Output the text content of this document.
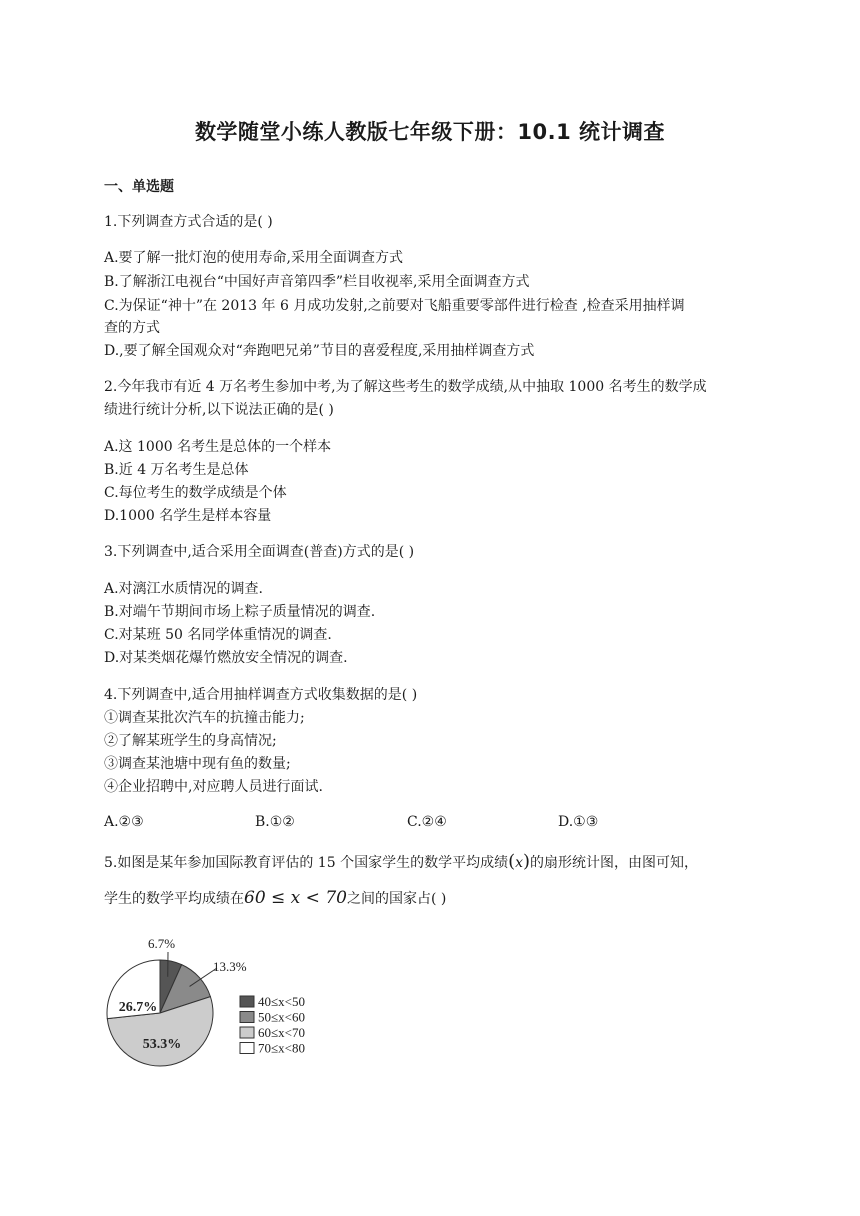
数学随堂小练人教版七年级下册：10.1 统计调查
一、单选题
1.下列调查方式合适的是( )
A.要了解一批灯泡的使用寿命,采用全面调查方式
B.了解浙江电视台“中国好声音第四季”栏目收视率,采用全面调查方式
C.为保证“神十”在 2013 年 6 月成功发射,之前要对飞船重要零部件进行检查 ,检查采用抽样调
查的方式
D.,要了解全国观众对“奔跑吧兄弟”节目的喜爱程度,采用抽样调查方式
2.今年我市有近 4 万名考生参加中考,为了解这些考生的数学成绩,从中抽取 1000 名考生的数学成
绩进行统计分析,以下说法正确的是( )
A.这 1000 名考生是总体的一个样本
B.近 4 万名考生是总体
C.每位考生的数学成绩是个体
D.1000 名学生是样本容量
3.下列调查中,适合采用全面调查(普查)方式的是( )
A.对漓江水质情况的调查.
B.对端午节期间市场上粽子质量情况的调查.
C.对某班 50 名同学体重情况的调查.
D.对某类烟花爆竹燃放安全情况的调查.
4.下列调查中,适合用抽样调查方式收集数据的是( )
①调查某批次汽车的抗撞击能力;
②了解某班学生的身高情况;
③调查某池塘中现有鱼的数量;
④企业招聘中,对应聘人员进行面试.
A.②③	B.①②	C.②④	D.①③
5.如图是某年参加国际教育评估的 15 个国家学生的数学平均成绩(x)的扇形统计图，由图可知，
学生的数学平均成绩在60 ≤ x < 70之间的国家占( )
6.7%
13.3%
53.3%
26.7%	40≤x<50
50≤x<60
60≤x<70
70≤x<80
